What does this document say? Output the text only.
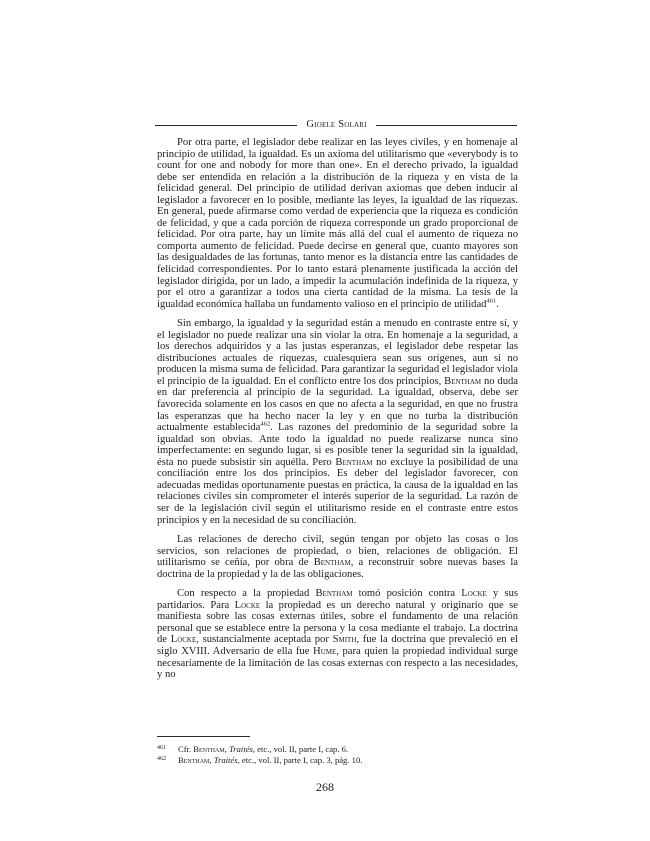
Gioele Solari

Por otra parte, el legislador debe realizar en las leyes civiles, y en homenaje al principio de utilidad, la igualdad. Es un axioma del utilitarismo que «everybody is to count for one and nobody for more than one». En el derecho privado, la igualdad debe ser entendida en relación a la distribución de la riqueza y en vista de la felicidad general. Del principio de utilidad derivan axiomas que deben inducir al legislador a favorecer en lo posible, mediante las leyes, la igualdad de las riquezas. En general, puede afirmarse como verdad de experiencia que la riqueza es condición de felicidad, y que a cada porción de riqueza corresponde un grado proporcional de felicidad. Por otra parte, hay un límite más allá del cual el aumento de riqueza no comporta aumento de felicidad. Puede decirse en general que, cuanto mayores son las desigualdades de las fortunas, tanto menor es la distancia entre las cantidades de felicidad correspondientes. Por lo tanto estará plenamente justificada la acción del legislador dirigida, por un lado, a impedir la acumulación indefinida de la riqueza, y por el otro a garantizar a todos una cierta cantidad de la misma. La tesis de la igualdad económica hallaba un fundamento valioso en el principio de utilidad$^{461}$.

Sin embargo, la igualdad y la seguridad están a menudo en contraste entre sí, y el legislador no puede realizar una sin violar la otra. En homenaje a la seguridad, a los derechos adquiridos y a las justas esperanzas, el legislador debe respetar las distribuciones actuales de riquezas, cualesquiera sean sus orígenes, aun si no producen la misma suma de felicidad. Para garantizar la seguridad el legislador viola el principio de la igualdad. En el conflicto entre los dos principios, Bentham no duda en dar preferencia al principio de la seguridad. La igualdad, observa, debe ser favorecida solamente en los casos en que no afecta a la seguridad, en que no frustra las esperanzas que ha hecho nacer la ley y en que no turba la distribución actualmente establecida$^{462}$. Las razones del predominio de la seguridad sobre la igualdad son obvias. Ante todo la igualdad no puede realizarse nunca sino imperfectamente: en segundo lugar, si es posible tener la seguridad sin la igualdad, ésta no puede subsistir sin aquélla. Pero Bentham no excluye la posibilidad de una conciliación entre los dos principios. Es deber del legislador favorecer, con adecuadas medidas oportunamente puestas en práctica, la causa de la igualdad en las relaciones civiles sin comprometer el interés superior de la seguridad. La razón de ser de la legislación civil según el utilitarismo reside en el contraste entre estos principios y en la necesidad de su conciliación.

Las relaciones de derecho civil, según tengan por objeto las cosas o los servicios, son relaciones de propiedad, o bien, relaciones de obligación. El utilitarismo se ceñía, por obra de Bentham, a reconstruir sobre nuevas bases la doctrina de la propiedad y la de las obligaciones.

Con respecto a la propiedad Bentham tomó posición contra Locke y sus partidarios. Para Locke la propiedad es un derecho natural y originario que se manifiesta sobre las cosas externas útiles, sobre el fundamento de una relación personal que se establece entre la persona y la cosa mediante el trabajo. La doctrina de Locke, sustancialmente aceptada por Smith, fue la doctrina que prevaleció en el siglo XVIII. Adversario de ella fue Hume, para quien la propiedad individual surge necesariamente de la limitación de las cosas externas con respecto a las necesidades, y no

461	Cfr. Bentham, Traités, etc., vol. II, parte I, cap. 6.
462	Bentham, Traités, etc., vol. II, parte I, cap. 3, pág. 10.
268
